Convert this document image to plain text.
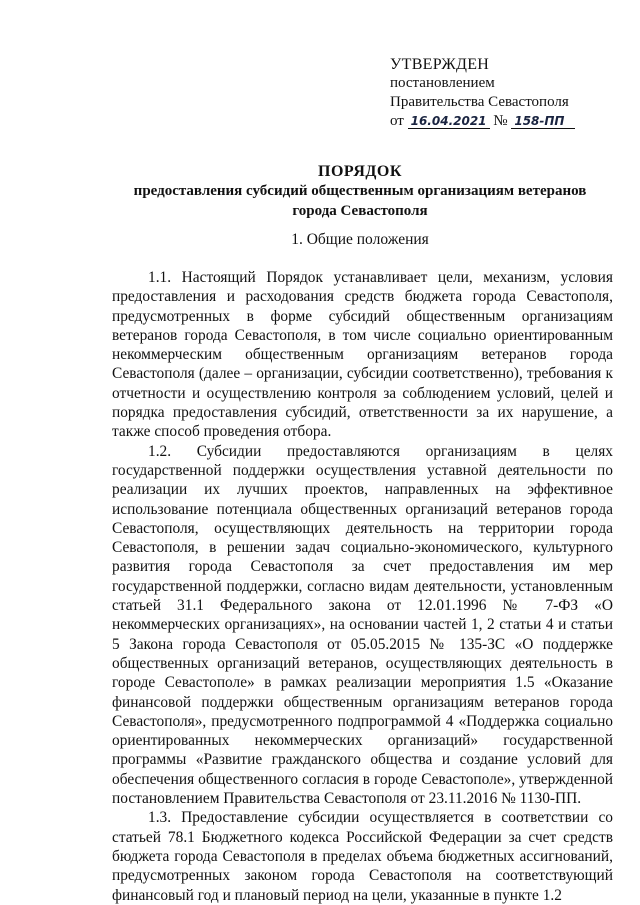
УТВЕРЖДЕН
постановлением
Правительства Севастополя
от 16.04.2021 № 158-ПП
ПОРЯДОК
предоставления субсидий общественным организациям ветеранов
города Севастополя
1. Общие положения

1.1. Настоящий Порядок устанавливает цели, механизм, условия предоставления и расходования средств бюджета города Севастополя, предусмотренных в форме субсидий общественным организациям ветеранов города Севастополя, в том числе социально ориентированным некоммерческим общественным организациям ветеранов города Севастополя (далее – организации, субсидии соответственно), требования к отчетности и осуществлению контроля за соблюдением условий, целей и порядка предоставления субсидий, ответственности за их нарушение, а также способ проведения отбора.

1.2. Субсидии предоставляются организациям в целях государственной поддержки осуществления уставной деятельности по реализации их лучших проектов, направленных на эффективное использование потенциала общественных организаций ветеранов города Севастополя, осуществляющих деятельность на территории города Севастополя, в решении задач социально-экономического, культурного развития города Севастополя за счет предоставления им мер государственной поддержки, согласно видам деятельности, установленным статьей 31.1 Федерального закона от 12.01.1996 № 7-ФЗ «О некоммерческих организациях», на основании частей 1, 2 статьи 4 и статьи 5 Закона города Севастополя от 05.05.2015 № 135-ЗС «О поддержке общественных организаций ветеранов, осуществляющих деятельность в городе Севастополе» в рамках реализации мероприятия 1.5 «Оказание финансовой поддержки общественным организациям ветеранов города Севастополя», предусмотренного подпрограммой 4 «Поддержка социально ориентированных некоммерческих организаций» государственной программы «Развитие гражданского общества и создание условий для обеспечения общественного согласия в городе Севастополе», утвержденной постановлением Правительства Севастополя от 23.11.2016 № 1130-ПП.

1.3. Предоставление субсидии осуществляется в соответствии со статьей 78.1 Бюджетного кодекса Российской Федерации за счет средств бюджета города Севастополя в пределах объема бюджетных ассигнований, предусмотренных законом города Севастополя на соответствующий финансовый год и плановый период на цели, указанные в пункте 1.2
